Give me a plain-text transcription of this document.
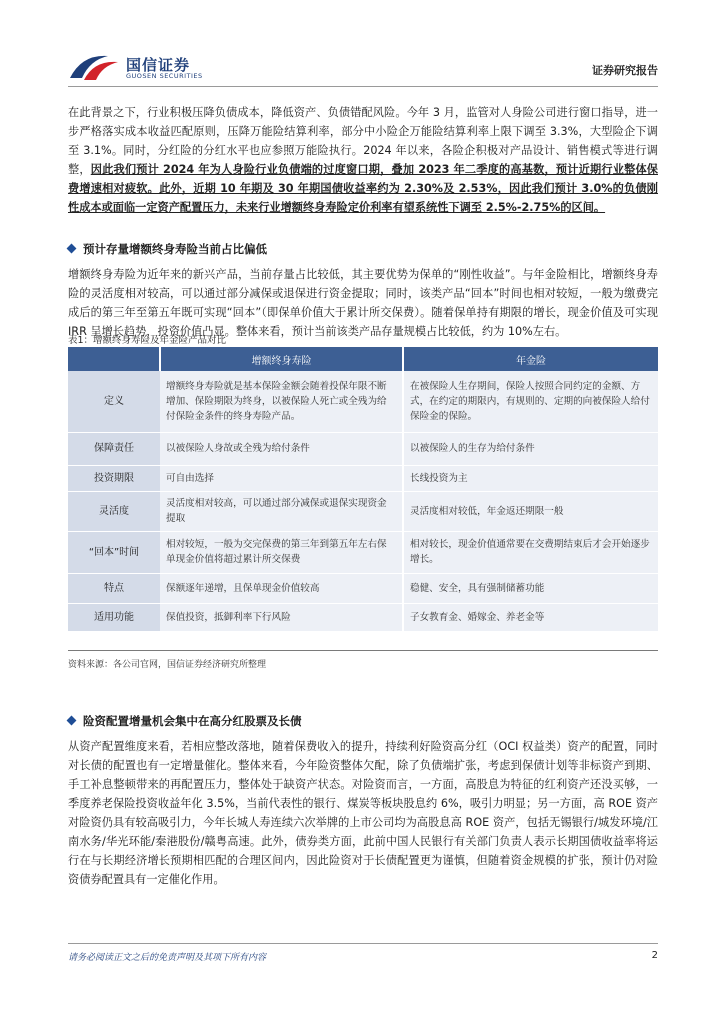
国信证券
GUOSEN SECURITIES	证券研究报告

在此背景之下，行业积极压降负债成本，降低资产、负债错配风险。今年 3 月，监管对人身险公司进行窗口指导，进一步严格落实成本收益匹配原则，压降万能险结算利率，部分中小险企万能险结算利率上限下调至 3.3%，大型险企下调至 3.1%。同时，分红险的分红水平也应参照万能险执行。2024 年以来，各险企积极对产品设计、销售模式等进行调整，因此我们预计 2024 年为人身险行业负债端的过度窗口期，叠加 2023 年二季度的高基数，预计近期行业整体保费增速相对疲软。此外，近期 10 年期及 30 年期国债收益率约为 2.30%及 2.53%，因此我们预计 3.0%的负债刚性成本或面临一定资产配置压力，未来行业增额终身寿险定价利率有望系统性下调至 2.5%-2.75%的区间。

预计存量增额终身寿险当前占比偏低

增额终身寿险为近年来的新兴产品，当前存量占比较低，其主要优势为保单的“刚性收益”。与年金险相比，增额终身寿险的灵活度相对较高，可以通过部分减保或退保进行资金提取；同时，该类产品“回本”时间也相对较短，一般为缴费完成后的第三年至第五年既可实现“回本”（即保单价值大于累计所交保费）。随着保单持有期限的增长，现金价值及可实现 IRR 呈增长趋势，投资价值凸显。整体来看，预计当前该类产品存量规模占比较低，约为 10%左右。

表1：增额终身寿险及年金险产品对比
	增额终身寿险	年金险
定义	增额终身寿险就是基本保险金额会随着投保年限不断增加、保险期限为终身，以被保险人死亡或全残为给付保险金条件的终身寿险产品。	在被保险人生存期间，保险人按照合同约定的金额、方式，在约定的期限内，有规则的、定期的向被保险人给付保险金的保险。
保障责任	以被保险人身故或全残为给付条件	以被保险人的生存为给付条件
投资期限	可自由选择	长线投资为主
灵活度	灵活度相对较高，可以通过部分减保或退保实现资金提取	灵活度相对较低，年金返还期限一般
“回本”时间	相对较短，一般为交完保费的第三年到第五年左右保单现金价值将超过累计所交保费	相对较长，现金价值通常要在交费期结束后才会开始逐步增长。
特点	保额逐年递增，且保单现金价值较高	稳健、安全，具有强制储蓄功能
适用功能	保值投资，抵御利率下行风险	子女教育金、婚嫁金、养老金等
资料来源：各公司官网，国信证券经济研究所整理
险资配置增量机会集中在高分红股票及长债

从资产配置维度来看，若相应整改落地，随着保费收入的提升，持续利好险资高分红（OCI 权益类）资产的配置，同时对长债的配置也有一定增量催化。整体来看，今年险资整体欠配，除了负债端扩张，考虑到保债计划等非标资产到期、手工补息整顿带来的再配置压力，整体处于缺资产状态。对险资而言，一方面，高股息为特征的红利资产还没买够，一季度养老保险投资收益年化 3.5%，当前代表性的银行、煤炭等板块股息约 6%，吸引力明显；另一方面，高 ROE 资产对险资仍具有较高吸引力，今年长城人寿连续六次举牌的上市公司均为高股息高 ROE 资产，包括无锡银行/城发环境/江南水务/华光环能/秦港股份/赣粤高速。此外，债券类方面，此前中国人民银行有关部门负责人表示长期国债收益率将运行在与长期经济增长预期相匹配的合理区间内，因此险资对于长债配置更为谨慎，但随着资金规模的扩张，预计仍对险资债券配置具有一定催化作用。

请务必阅读正文之后的免责声明及其项下所有内容	2
